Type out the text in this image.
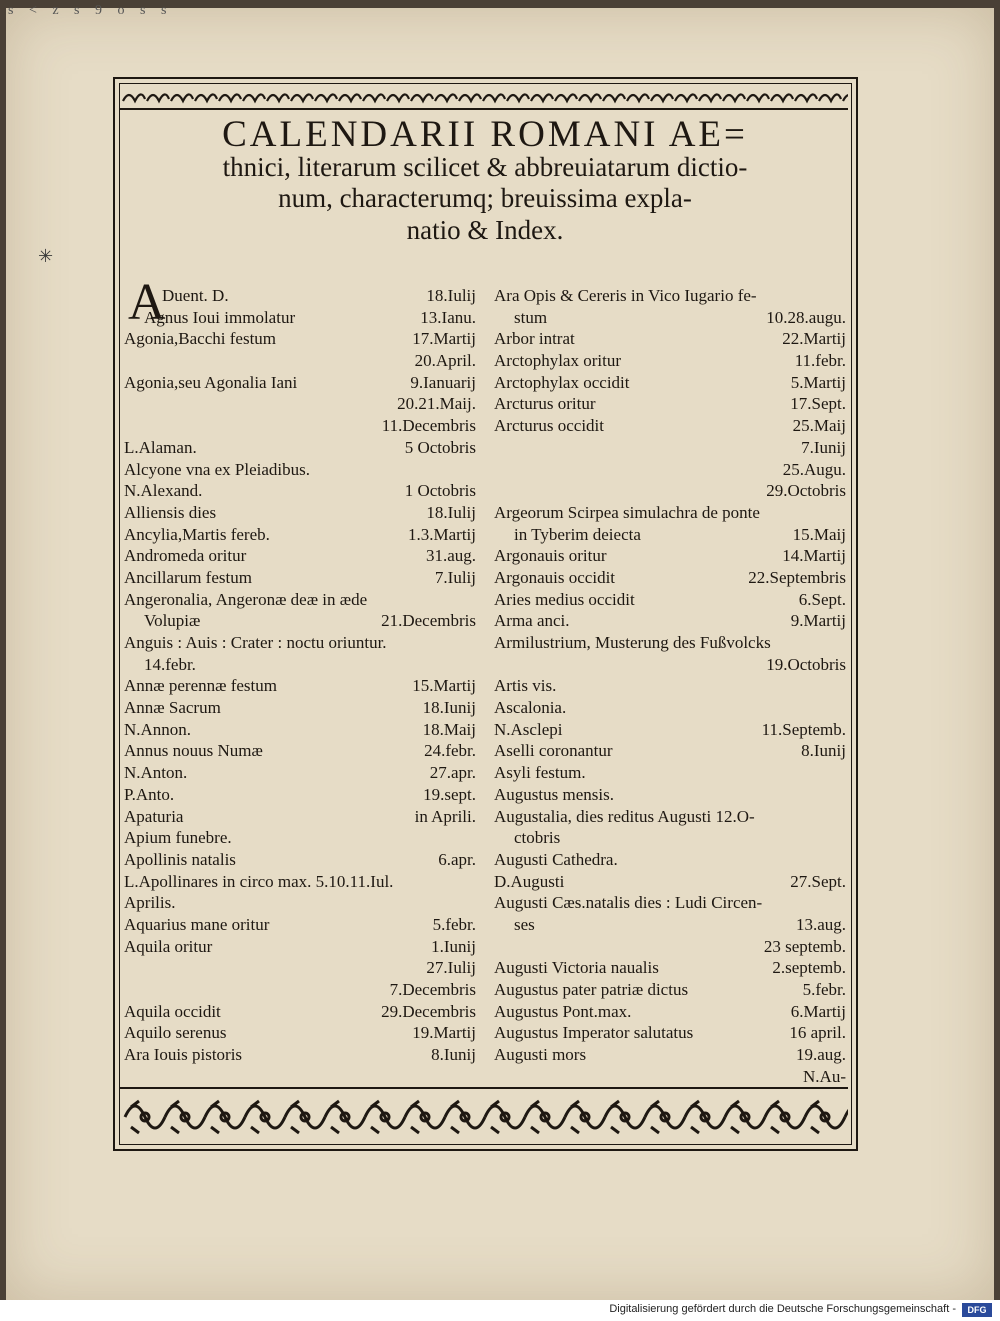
s < z s 9 o s s
✳
CALENDARII ROMANI AE=
thnici, literarum scilicet & abbreuiatarum dictio-
num, characterumq; breuissima expla-
natio & Index.
A
Duent. D.	18.Iulij
Agnus Ioui immolatur	13.Ianu.
Agonia,Bacchi festum	17.Martij
20.April.
Agonia,seu Agonalia Iani	9.Ianuarij
20.21.Maij.
11.Decembris
L.Alaman.	5 Octobris
Alcyone vna ex Pleiadibus.
N.Alexand.	1 Octobris
Alliensis dies	18.Iulij
Ancylia,Martis fereb.	1.3.Martij
Andromeda oritur	31.aug.
Ancillarum festum	7.Iulij
Angeronalia, Angeronæ deæ in æde
Volupiæ	21.Decembris
Anguis : Auis : Crater : noctu oriuntur.
14.febr.
Annæ perennæ festum	15.Martij
Annæ Sacrum	18.Iunij
N.Annon.	18.Maij
Annus nouus Numæ	24.febr.
N.Anton.	27.apr.
P.Anto.	19.sept.
Apaturia	in Aprili.
Apium funebre.
Apollinis natalis	6.apr.
L.Apollinares in circo max. 5.10.11.Iul.
Aprilis.
Aquarius mane oritur	5.febr.
Aquila oritur	1.Iunij
27.Iulij
7.Decembris
Aquila occidit	29.Decembris
Aquilo serenus	19.Martij
Ara Iouis pistoris	8.Iunij
Ara Opis & Cereris in Vico Iugario fe-
stum	10.28.augu.
Arbor intrat	22.Martij
Arctophylax oritur	11.febr.
Arctophylax occidit	5.Martij
Arcturus oritur	17.Sept.
Arcturus occidit	25.Maij
7.Iunij
25.Augu.
29.Octobris
Argeorum Scirpea simulachra de ponte
in Tyberim deiecta	15.Maij
Argonauis oritur	14.Martij
Argonauis occidit	22.Septembris
Aries medius occidit	6.Sept.
Arma anci.	9.Martij
Armilustrium, Musterung des Fußvolcks
19.Octobris
Artis vis.
Ascalonia.
N.Asclepi	11.Septemb.
Aselli coronantur	8.Iunij
Asyli festum.
Augustus mensis.
Augustalia, dies reditus Augusti 12.O-
ctobris
Augusti Cathedra.
D.Augusti	27.Sept.
Augusti Cæs.natalis dies : Ludi Circen-
ses	13.aug.
23 septemb.
Augusti Victoria naualis	2.septemb.
Augustus pater patriæ dictus	5.febr.
Augustus Pont.max.	6.Martij
Augustus Imperator salutatus	16 april.
Augusti mors	19.aug.
N.Au-
Digitalisierung gefördert durch die Deutsche Forschungsgemeinschaft -	DFG
